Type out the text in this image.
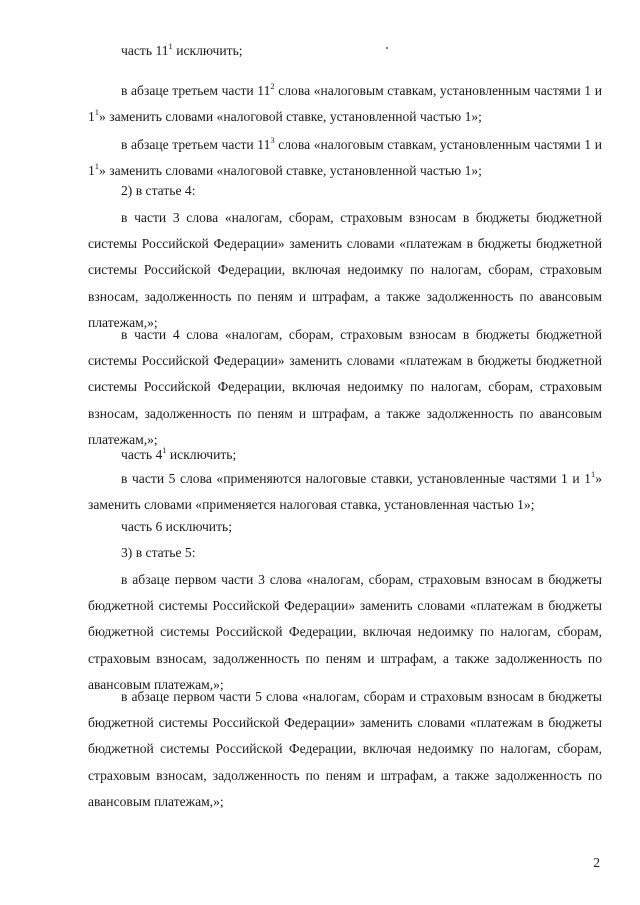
часть $11^1$ исключить;

в абзаце третьем части $11^2$ слова «налоговым ставкам, установленным частями 1 и $1^1$» заменить словами «налоговой ставке, установленной частью 1»;

в абзаце третьем части $11^3$ слова «налоговым ставкам, установленным частями 1 и $1^1$» заменить словами «налоговой ставке, установленной частью 1»;

2) в статье 4:

в части 3 слова «налогам, сборам, страховым взносам в бюджеты бюджетной системы Российской Федерации» заменить словами «платежам в бюджеты бюджетной системы Российской Федерации, включая недоимку по налогам, сборам, страховым взносам, задолженность по пеням и штрафам, а также задолженность по авансовым платежам,»;

в части 4 слова «налогам, сборам, страховым взносам в бюджеты бюджетной системы Российской Федерации» заменить словами «платежам в бюджеты бюджетной системы Российской Федерации, включая недоимку по налогам, сборам, страховым взносам, задолженность по пеням и штрафам, а также задолженность по авансовым платежам,»;

часть $4^1$ исключить;

в части 5 слова «применяются налоговые ставки, установленные частями 1 и $1^1$» заменить словами «применяется налоговая ставка, установленная частью 1»;

часть 6 исключить;

3) в статье 5:

в абзаце первом части 3 слова «налогам, сборам, страховым взносам в бюджеты бюджетной системы Российской Федерации» заменить словами «платежам в бюджеты бюджетной системы Российской Федерации, включая недоимку по налогам, сборам, страховым взносам, задолженность по пеням и штрафам, а также задолженность по авансовым платежам,»;

в абзаце первом части 5 слова «налогам, сборам и страховым взносам в бюджеты бюджетной системы Российской Федерации» заменить словами «платежам в бюджеты бюджетной системы Российской Федерации, включая недоимку по налогам, сборам, страховым взносам, задолженность по пеням и штрафам, а также задолженность по авансовым платежам,»;

2
